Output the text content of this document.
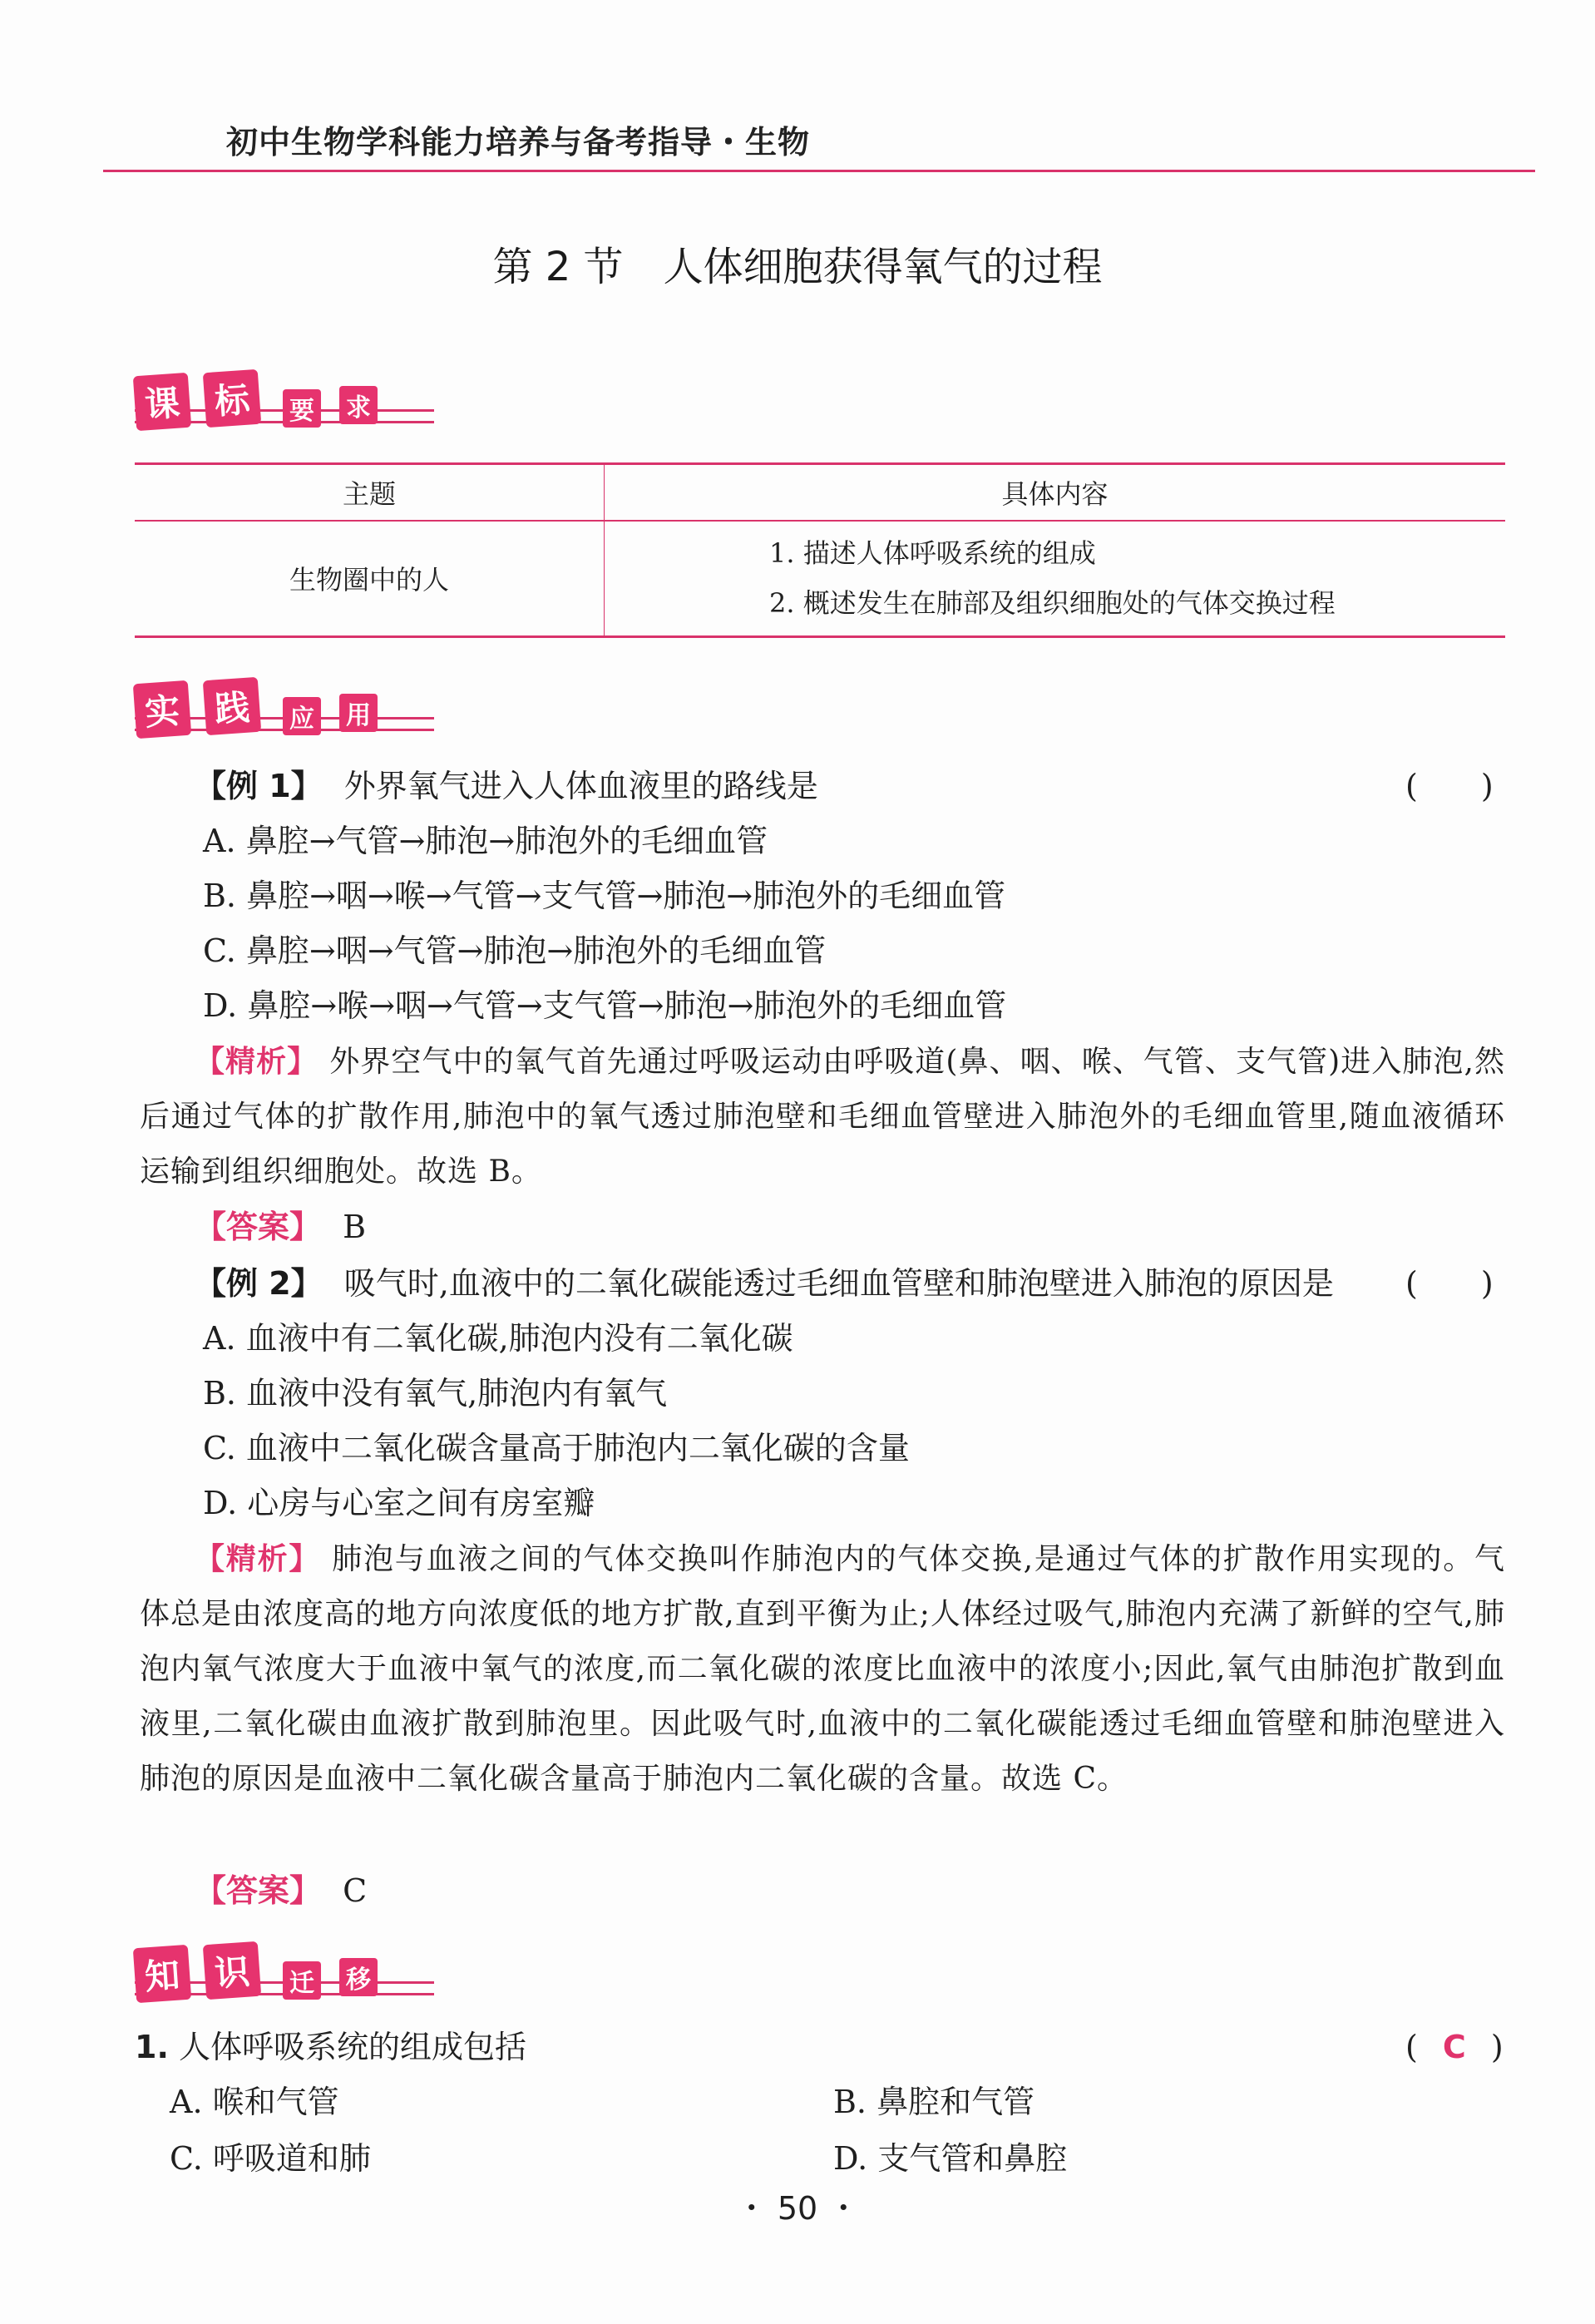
初中生物学科能力培养与备考指导・生物
第 2 节 人体细胞获得氧气的过程
课 标	要 求
主题	具体内容
生物圈中的人	1. 描述人体呼吸系统的组成
2. 概述发生在肺部及组织细胞处的气体交换过程
实 践	应 用
【例 1】 外界氧气进入人体血液里的路线是	(　　)
A. 鼻腔→气管→肺泡→肺泡外的毛细血管
B. 鼻腔→咽→喉→气管→支气管→肺泡→肺泡外的毛细血管
C. 鼻腔→咽→气管→肺泡→肺泡外的毛细血管
D. 鼻腔→喉→咽→气管→支气管→肺泡→肺泡外的毛细血管
【精析】 外界空气中的氧气首先通过呼吸运动由呼吸道(鼻、咽、喉、气管、支气管)进入肺泡,然后通过气体的扩散作用,肺泡中的氧气透过肺泡壁和毛细血管壁进入肺泡外的毛细血管里,随血液循环运输到组织细胞处。故选 B。
【答案】 B
【例 2】 吸气时,血液中的二氧化碳能透过毛细血管壁和肺泡壁进入肺泡的原因是 (　　)
A. 血液中有二氧化碳,肺泡内没有二氧化碳
B. 血液中没有氧气,肺泡内有氧气
C. 血液中二氧化碳含量高于肺泡内二氧化碳的含量
D. 心房与心室之间有房室瓣
【精析】 肺泡与血液之间的气体交换叫作肺泡内的气体交换,是通过气体的扩散作用实现的。气体总是由浓度高的地方向浓度低的地方扩散,直到平衡为止;人体经过吸气,肺泡内充满了新鲜的空气,肺泡内氧气浓度大于血液中氧气的浓度,而二氧化碳的浓度比血液中的浓度小;因此,氧气由肺泡扩散到血液里,二氧化碳由血液扩散到肺泡里。因此吸气时,血液中的二氧化碳能透过毛细血管壁和肺泡壁进入肺泡的原因是血液中二氧化碳含量高于肺泡内二氧化碳的含量。故选 C。
【答案】 C
知 识	迁 移
1. 人体呼吸系统的组成包括	( C )
A. 喉和气管	B. 鼻腔和气管
C. 呼吸道和肺	D. 支气管和鼻腔
・ 50 ・
